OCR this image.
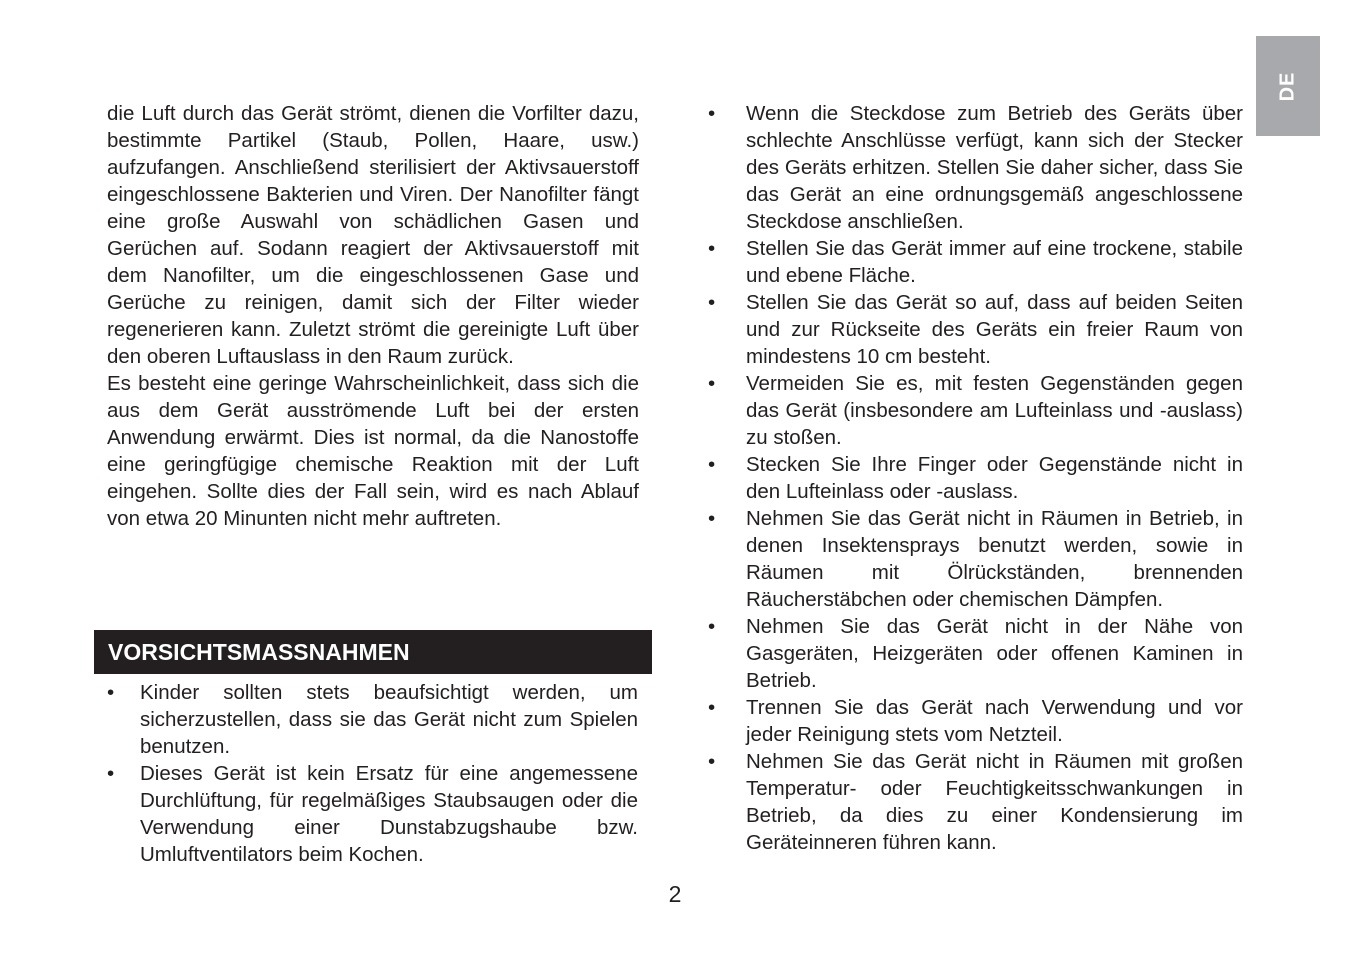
DE

die Luft durch das Gerät strömt, dienen die Vorfilter dazu, bestimmte Partikel (Staub, Pollen, Haare, usw.) aufzufangen. Anschließend sterilisiert der Aktivsauerstoff eingeschlossene Bakterien und Viren. Der Nanofilter fängt eine große Auswahl von schädlichen Gasen und Gerüchen auf. Sodann reagiert der Aktivsauerstoff mit dem Nanofilter, um die eingeschlossenen Gase und Gerüche zu reinigen, damit sich der Filter wieder regenerieren kann. Zuletzt strömt die gereinigte Luft über den oberen Luftauslass in den Raum zurück.

Es besteht eine geringe Wahrscheinlichkeit, dass sich die aus dem Gerät ausströmende Luft bei der ersten Anwendung erwärmt. Dies ist normal, da die Nanostoffe eine geringfügige chemische Reaktion mit der Luft eingehen. Sollte dies der Fall sein, wird es nach Ablauf von etwa 20 Minunten nicht mehr auftreten.

VORSICHTSMASSNAHMEN
• Kinder sollten stets beaufsichtigt werden, um sicherzustellen, dass sie das Gerät nicht zum Spielen benutzen.
• Dieses Gerät ist kein Ersatz für eine angemessene Durchlüftung, für regelmäßiges Staubsaugen oder die Verwendung einer Dunstabzugshaube bzw. Umluftventilators beim Kochen.
• Wenn die Steckdose zum Betrieb des Geräts über schlechte Anschlüsse verfügt, kann sich der Stecker des Geräts erhitzen. Stellen Sie daher sicher, dass Sie das Gerät an eine ordnungsgemäß angeschlossene Steckdose anschließen.
• Stellen Sie das Gerät immer auf eine trockene, stabile und ebene Fläche.
• Stellen Sie das Gerät so auf, dass auf beiden Seiten und zur Rückseite des Geräts ein freier Raum von mindestens 10 cm besteht.
• Vermeiden Sie es, mit festen Gegenständen gegen das Gerät (insbesondere am Lufteinlass und -auslass) zu stoßen.
• Stecken Sie Ihre Finger oder Gegenstände nicht in den Lufteinlass oder -auslass.
• Nehmen Sie das Gerät nicht in Räumen in Betrieb, in denen Insektensprays benutzt werden, sowie in Räumen mit Ölrückständen, brennenden Räucherstäbchen oder chemischen Dämpfen.
• Nehmen Sie das Gerät nicht in der Nähe von Gasgeräten, Heizgeräten oder offenen Kaminen in Betrieb.
• Trennen Sie das Gerät nach Verwendung und vor jeder Reinigung stets vom Netzteil.
• Nehmen Sie das Gerät nicht in Räumen mit großen Temperatur- oder Feuchtigkeitsschwankungen in Betrieb, da dies zu einer Kondensierung im Geräteinneren führen kann.
2
